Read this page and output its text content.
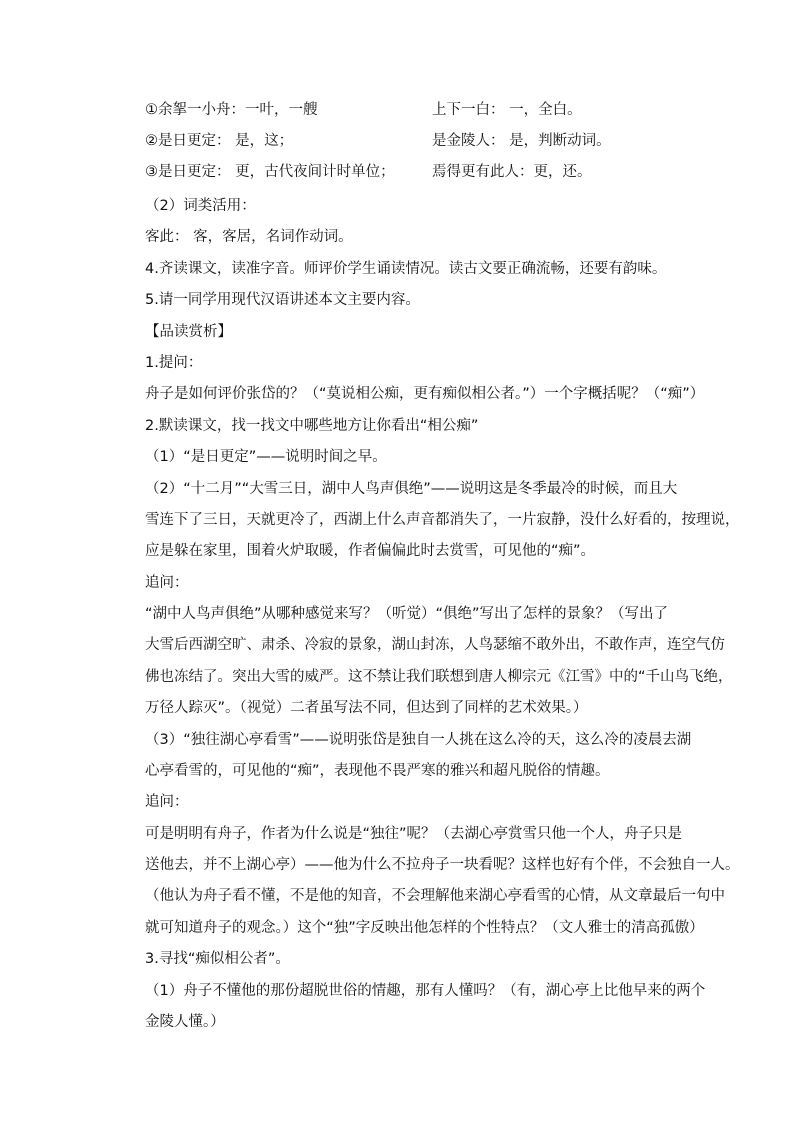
①余挐一小舟：一叶，一艘	上下一白： 一，全白。
②是日更定： 是，这；	是金陵人： 是，判断动词。
③是日更定： 更，古代夜间计时单位；	焉得更有此人：更，还。
（2）词类活用：
客此： 客，客居，名词作动词。
4.齐读课文，读准字音。师评价学生诵读情况。读古文要正确流畅，还要有韵味。
5.请一同学用现代汉语讲述本文主要内容。
【品读赏析】
1.提问：
舟子是如何评价张岱的？（“莫说相公痴，更有痴似相公者。”）一个字概括呢？（“痴”）
2.默读课文，找一找文中哪些地方让你看出“相公痴”
（1）“是日更定”——说明时间之早。
（2）“十二月”“大雪三日，湖中人鸟声俱绝”——说明这是冬季最冷的时候，而且大
雪连下了三日，天就更冷了，西湖上什么声音都消失了，一片寂静，没什么好看的，按理说，
应是躲在家里，围着火炉取暖，作者偏偏此时去赏雪，可见他的“痴”。
追问：
“湖中人鸟声俱绝”从哪种感觉来写？（听觉）“俱绝”写出了怎样的景象？（写出了
大雪后西湖空旷、肃杀、冷寂的景象，湖山封冻，人鸟瑟缩不敢外出，不敢作声，连空气仿
佛也冻结了。突出大雪的威严。这不禁让我们联想到唐人柳宗元《江雪》中的“千山鸟飞绝，
万径人踪灭”。（视觉）二者虽写法不同，但达到了同样的艺术效果。）
（3）“独往湖心亭看雪”——说明张岱是独自一人挑在这么冷的天，这么冷的凌晨去湖
心亭看雪的，可见他的“痴”，表现他不畏严寒的雅兴和超凡脱俗的情趣。
追问：
可是明明有舟子，作者为什么说是“独往”呢？（去湖心亭赏雪只他一个人，舟子只是
送他去，并不上湖心亭）——他为什么不拉舟子一块看呢？这样也好有个伴，不会独自一人。
（他认为舟子看不懂，不是他的知音，不会理解他来湖心亭看雪的心情，从文章最后一句中
就可知道舟子的观念。）这个“独”字反映出他怎样的个性特点？（文人雅士的清高孤傲）
3.寻找“痴似相公者”。
（1）舟子不懂他的那份超脱世俗的情趣，那有人懂吗？（有，湖心亭上比他早来的两个
金陵人懂。）
